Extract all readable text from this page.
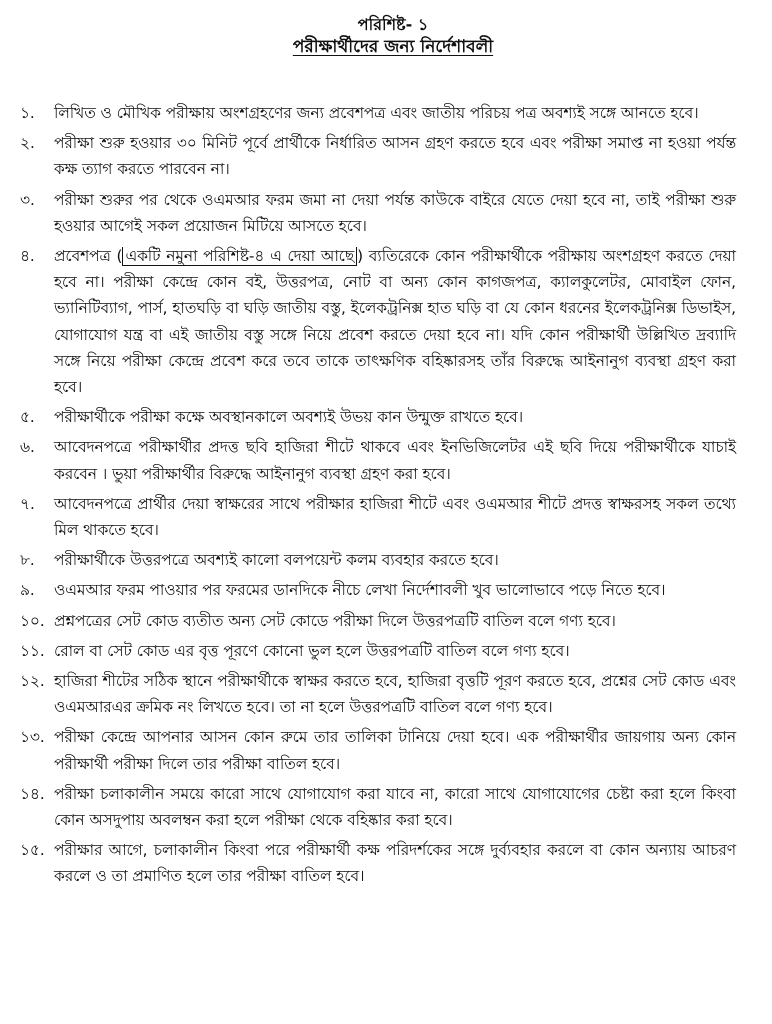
পরিশিষ্ট- ১
পরীক্ষার্থীদের জন্য নির্দেশাবলী
১.	লিখিত ও মৌখিক পরীক্ষায় অংশগ্রহণের জন্য প্রবেশপত্র এবং জাতীয় পরিচয় পত্র অবশ্যই সঙ্গে আনতে হবে।
২.	পরীক্ষা শুরু হওয়ার ৩০ মিনিট পূর্বে প্রার্থীকে নির্ধারিত আসন গ্রহণ করতে হবে এবং পরীক্ষা সমাপ্ত না হওয়া পর্যন্ত কক্ষ ত্যাগ করতে পারবেন না।
৩.	পরীক্ষা শুরুর পর থেকে ওএমআর ফরম জমা না দেয়া পর্যন্ত কাউকে বাইরে যেতে দেয়া হবে না, তাই পরীক্ষা শুরু হওয়ার আগেই সকল প্রয়োজন মিটিয়ে আসতে হবে।
৪.	প্রবেশপত্র ( একটি নমুনা পরিশিষ্ট-৪ এ দেয়া আছে ) ব্যতিরেকে কোন পরীক্ষার্থীকে পরীক্ষায় অংশগ্রহণ করতে দেয়া হবে না। পরীক্ষা কেন্দ্রে কোন বই, উত্তরপত্র, নোট বা অন্য কোন কাগজপত্র, ক্যালকুলেটর, মোবাইল ফোন, ভ্যানিটিব্যাগ, পার্স, হাতঘড়ি বা ঘড়ি জাতীয় বস্তু, ইলেকট্রনিক্স হাত ঘড়ি বা যে কোন ধরনের ইলেকট্রনিক্স ডিভাইস, যোগাযোগ যন্ত্র বা এই জাতীয় বস্তু সঙ্গে নিয়ে প্রবেশ করতে দেয়া হবে না। যদি কোন পরীক্ষার্থী উল্লিখিত দ্রব্যাদি সঙ্গে নিয়ে পরীক্ষা কেন্দ্রে প্রবেশ করে তবে তাকে তাৎক্ষণিক বহিষ্কারসহ তাঁর বিরুদ্ধে আইনানুগ ব্যবস্থা গ্রহণ করা হবে।
৫.	পরীক্ষার্থীকে পরীক্ষা কক্ষে অবস্থানকালে অবশ্যই উভয় কান উন্মুক্ত রাখতে হবে।
৬.	আবেদনপত্রে পরীক্ষার্থীর প্রদত্ত ছবি হাজিরা শীটে থাকবে এবং ইনভিজিলেটর এই ছবি দিয়ে পরীক্ষার্থীকে যাচাই করবেন । ভুয়া পরীক্ষার্থীর বিরুদ্ধে আইনানুগ ব্যবস্থা গ্রহণ করা হবে।
৭.	আবেদনপত্রে প্রার্থীর দেয়া স্বাক্ষরের সাথে পরীক্ষার হাজিরা শীটে এবং ওএমআর শীটে প্রদত্ত স্বাক্ষরসহ সকল তথ্যে মিল থাকতে হবে।
৮.	পরীক্ষার্থীকে উত্তরপত্রে অবশ্যই কালো বলপয়েন্ট কলম ব্যবহার করতে হবে।
৯.	ওএমআর ফরম পাওয়ার পর ফরমের ডানদিকে নীচে লেখা নির্দেশাবলী খুব ভালোভাবে পড়ে নিতে হবে।
১০. প্রশ্নপত্রের সেট কোড ব্যতীত অন্য সেট কোডে পরীক্ষা দিলে উত্তরপত্রটি বাতিল বলে গণ্য হবে।
১১. রোল বা সেট কোড এর বৃত্ত পূরণে কোনো ভুল হলে উত্তরপত্রটি বাতিল বলে গণ্য হবে।
১২. হাজিরা শীটের সঠিক স্থানে পরীক্ষার্থীকে স্বাক্ষর করতে হবে, হাজিরা বৃত্তটি পূরণ করতে হবে, প্রশ্নের সেট কোড এবং ওএমআরএর ক্রমিক নং লিখতে হবে। তা না হলে উত্তরপত্রটি বাতিল বলে গণ্য হবে।
১৩. পরীক্ষা কেন্দ্রে আপনার আসন কোন রুমে তার তালিকা টানিয়ে দেয়া হবে। এক পরীক্ষার্থীর জায়গায় অন্য কোন পরীক্ষার্থী পরীক্ষা দিলে তার পরীক্ষা বাতিল হবে।
১৪. পরীক্ষা চলাকালীন সময়ে কারো সাথে যোগাযোগ করা যাবে না, কারো সাথে যোগাযোগের চেষ্টা করা হলে কিংবা কোন অসদুপায় অবলম্বন করা হলে পরীক্ষা থেকে বহিষ্কার করা হবে।
১৫. পরীক্ষার আগে, চলাকালীন কিংবা পরে পরীক্ষার্থী কক্ষ পরিদর্শকের সঙ্গে দুর্ব্যবহার করলে বা কোন অন্যায় আচরণ করলে ও তা প্রমাণিত হলে তার পরীক্ষা বাতিল হবে।
